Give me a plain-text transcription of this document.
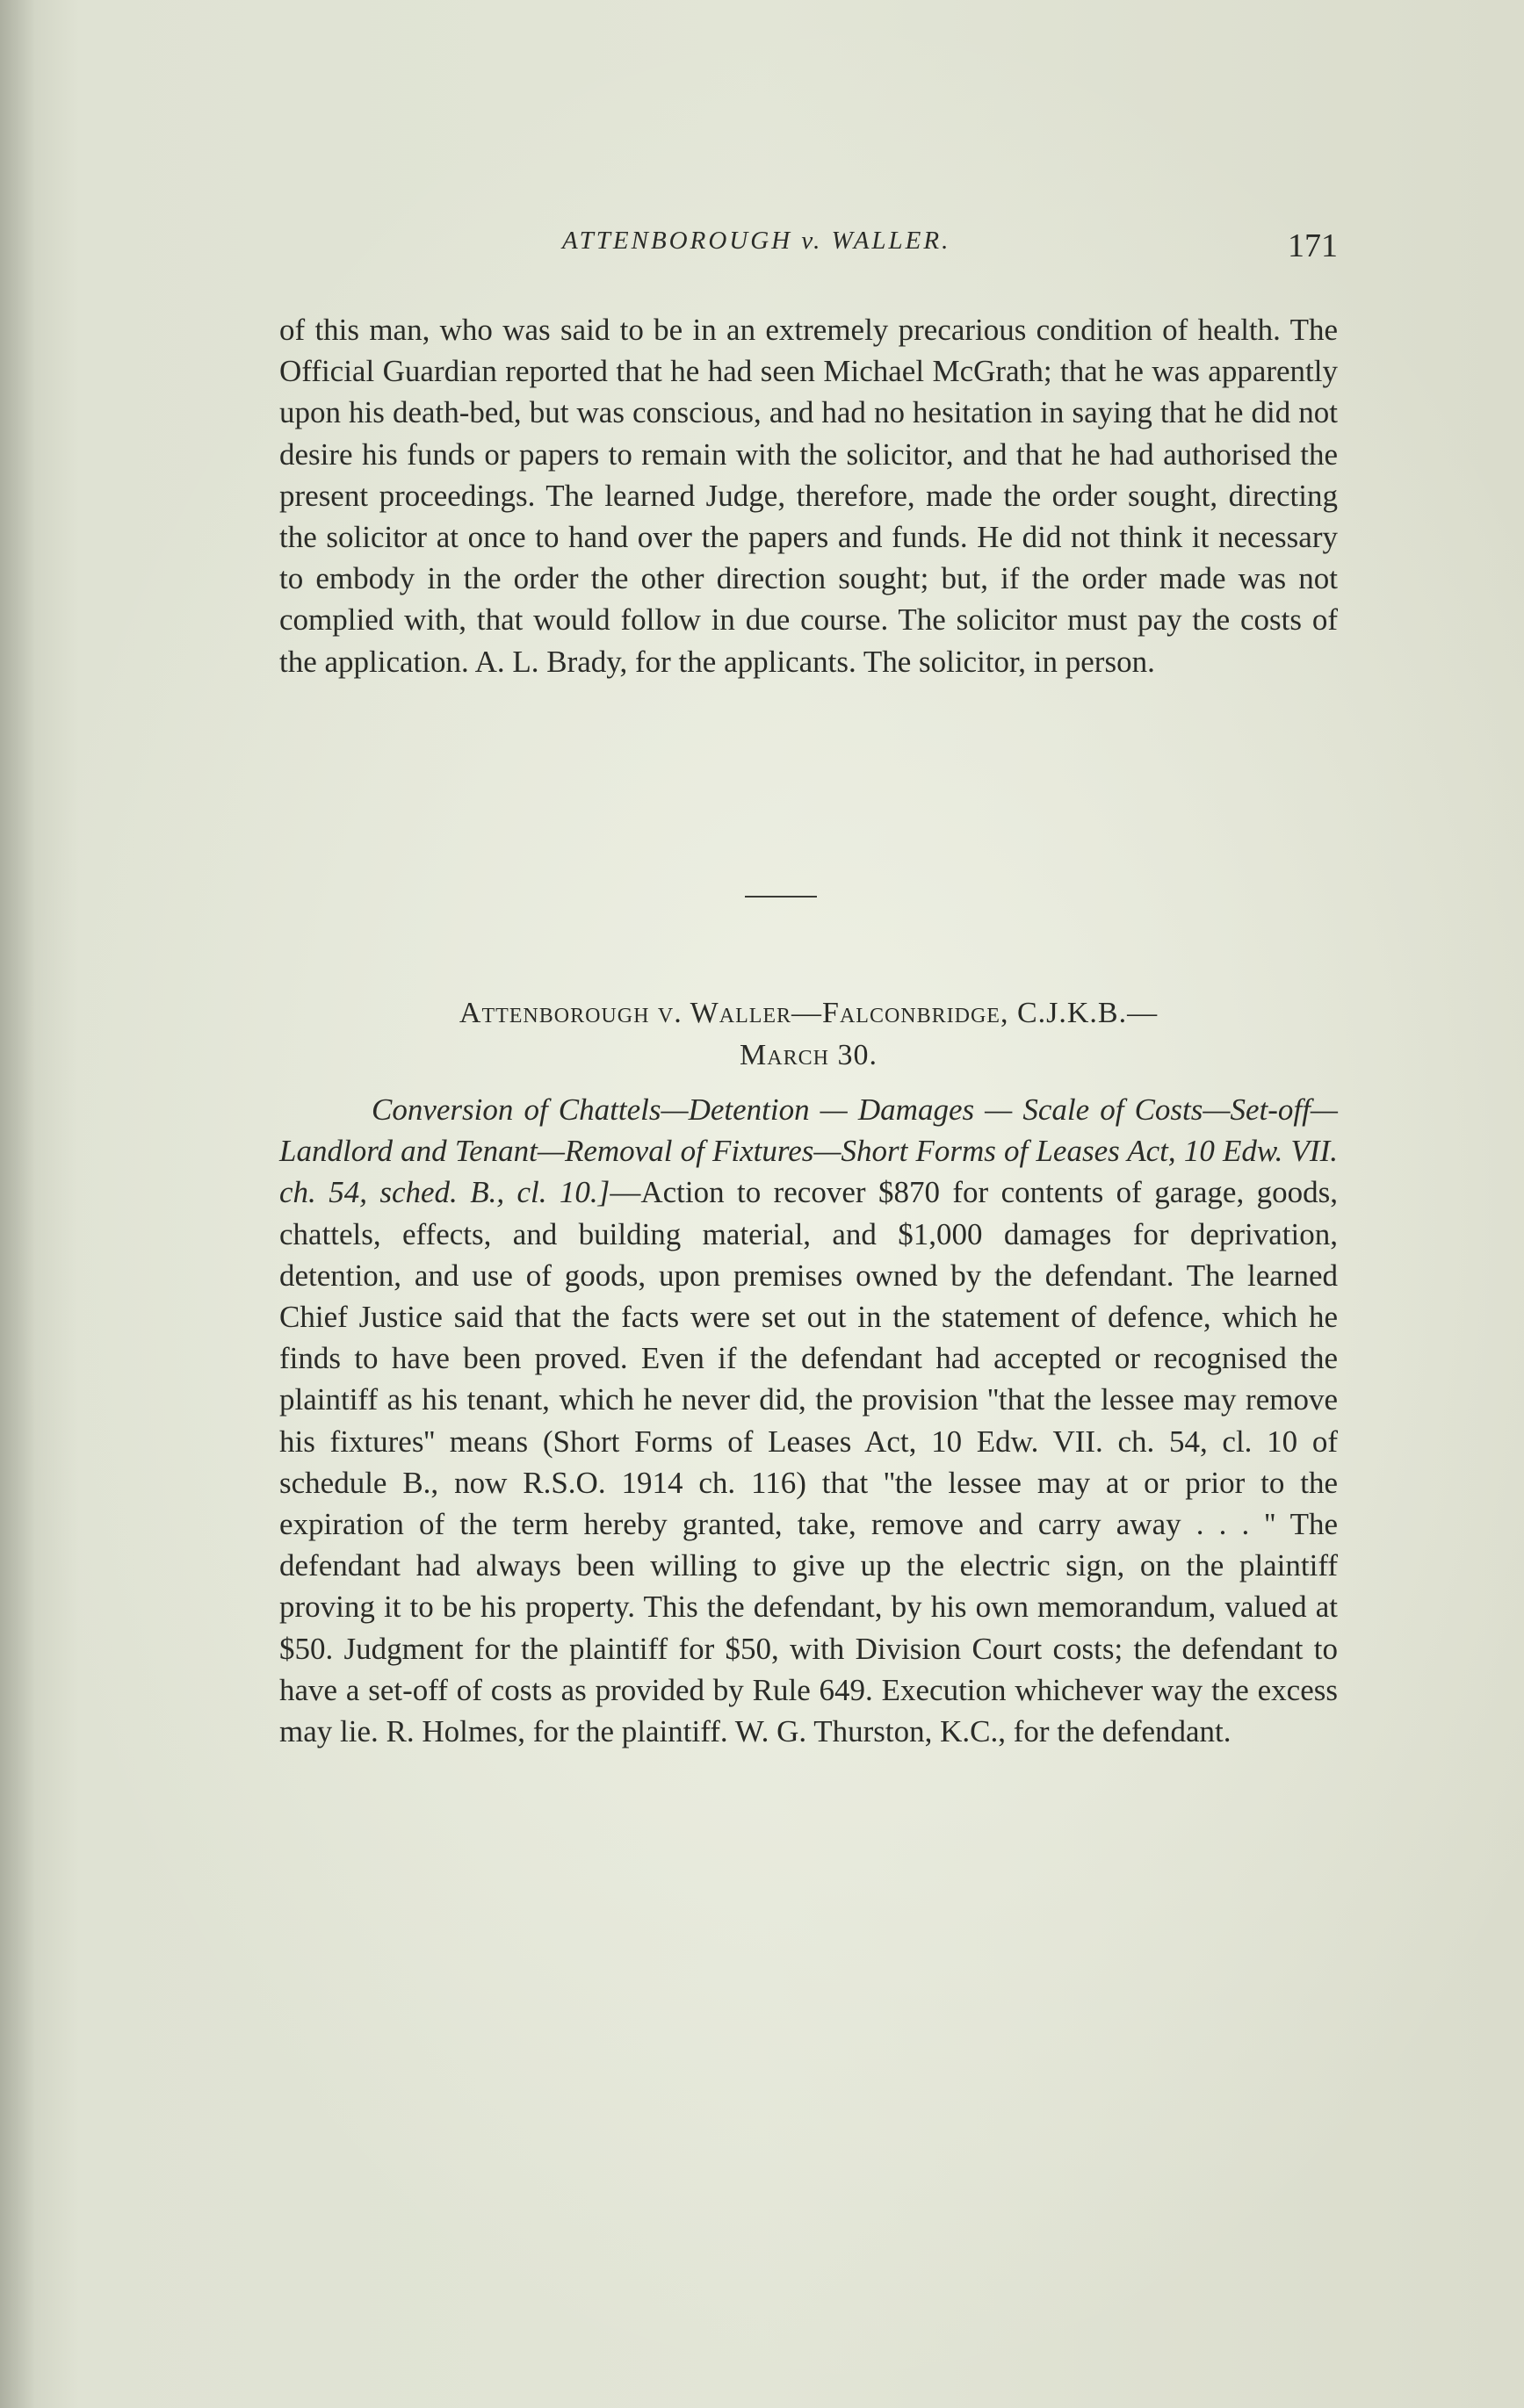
ATTENBOROUGH v. WALLER.	171

of this man, who was said to be in an extremely precarious condition of health. The Official Guardian reported that he had seen Michael McGrath; that he was apparently upon his death-bed, but was conscious, and had no hesitation in saying that he did not desire his funds or papers to remain with the solicitor, and that he had authorised the present proceedings. The learned Judge, therefore, made the order sought, directing the solicitor at once to hand over the papers and funds. He did not think it necessary to embody in the order the other direction sought; but, if the order made was not complied with, that would follow in due course. The solicitor must pay the costs of the application. A. L. Brady, for the applicants. The solicitor, in person.

Attenborough v. Waller—Falconbridge, C.J.K.B.—
March 30.

Conversion of Chattels—Detention — Damages — Scale of Costs—Set-off—Landlord and Tenant—Removal of Fixtures—Short Forms of Leases Act, 10 Edw. VII. ch. 54, sched. B., cl. 10.]—Action to recover $870 for contents of garage, goods, chattels, effects, and building material, and $1,000 damages for deprivation, detention, and use of goods, upon premises owned by the defendant. The learned Chief Justice said that the facts were set out in the statement of defence, which he finds to have been proved. Even if the defendant had accepted or recognised the plaintiff as his tenant, which he never did, the provision ''that the lessee may remove his fixtures'' means (Short Forms of Leases Act, 10 Edw. VII. ch. 54, cl. 10 of schedule B., now R.S.O. 1914 ch. 116) that ''the lessee may at or prior to the expiration of the term hereby granted, take, remove and carry away . . . '' The defendant had always been willing to give up the electric sign, on the plaintiff proving it to be his property. This the defendant, by his own memorandum, valued at $50. Judgment for the plaintiff for $50, with Division Court costs; the defendant to have a set-off of costs as provided by Rule 649. Execution whichever way the excess may lie. R. Holmes, for the plaintiff. W. G. Thurston, K.C., for the defendant.
